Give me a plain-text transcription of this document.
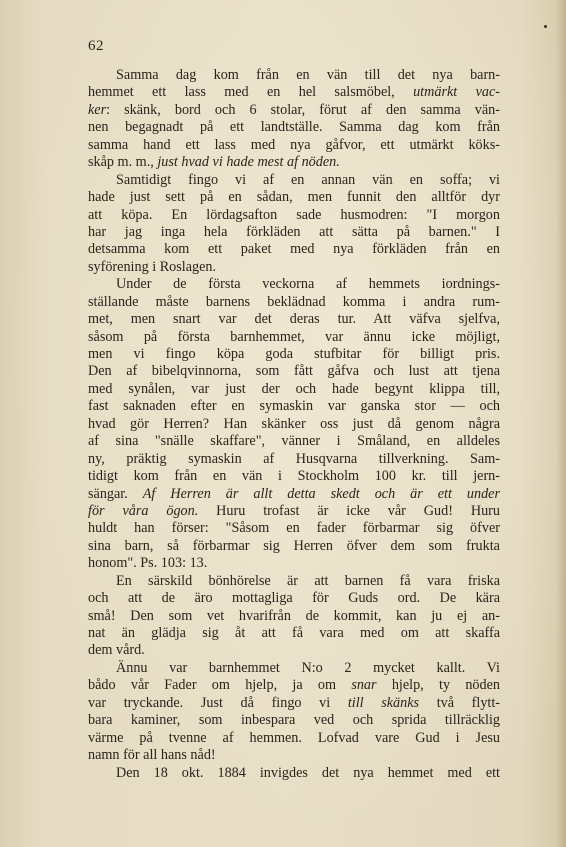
62
Samma dag kom från en vän till det nya barn-
hemmet ett lass med en hel salsmöbel, utmärkt vac-
ker: skänk, bord och 6 stolar, förut af den samma vän-
nen begagnadt på ett landtställe. Samma dag kom från
samma hand ett lass med nya gåfvor, ett utmärkt köks-
skåp m. m., just hvad vi hade mest af nöden.
Samtidigt fingo vi af en annan vän en soffa; vi
hade just sett på en sådan, men funnit den alltför dyr
att köpa. En lördagsafton sade husmodren: "I morgon
har jag inga hela förkläden att sätta på barnen." I
detsamma kom ett paket med nya förkläden från en
syförening i Roslagen.
Under de första veckorna af hemmets iordnings-
ställande måste barnens beklädnad komma i andra rum-
met, men snart var det deras tur. Att väfva sjelfva,
såsom på första barnhemmet, var ännu icke möjligt,
men vi fingo köpa goda stufbitar för billigt pris.
Den af bibelqvinnorna, som fått gåfva och lust att tjena
med synålen, var just der och hade begynt klippa till,
fast saknaden efter en symaskin var ganska stor — och
hvad gör Herren? Han skänker oss just då genom några
af sina "snälle skaffare", vänner i Småland, en alldeles
ny, präktig symaskin af Husqvarna tillverkning. Sam-
tidigt kom från en vän i Stockholm 100 kr. till jern-
sängar. Af Herren är allt detta skedt och är ett under
för våra ögon. Huru trofast är icke vår Gud! Huru
huldt han förser: "Såsom en fader förbarmar sig öfver
sina barn, så förbarmar sig Herren öfver dem som frukta
honom". Ps. 103: 13.
En särskild bönhörelse är att barnen få vara friska
och att de äro mottagliga för Guds ord. De kära
små! Den som vet hvarifrån de kommit, kan ju ej an-
nat än glädja sig åt att få vara med om att skaffa
dem vård.
Ännu var barnhemmet N:o 2 mycket kallt. Vi
bådo vår Fader om hjelp, ja om snar hjelp, ty nöden
var tryckande. Just då fingo vi till skänks två flytt-
bara kaminer, som inbespara ved och sprida tillräcklig
värme på tvenne af hemmen. Lofvad vare Gud i Jesu
namn för all hans nåd!
Den 18 okt. 1884 invigdes det nya hemmet med ett
